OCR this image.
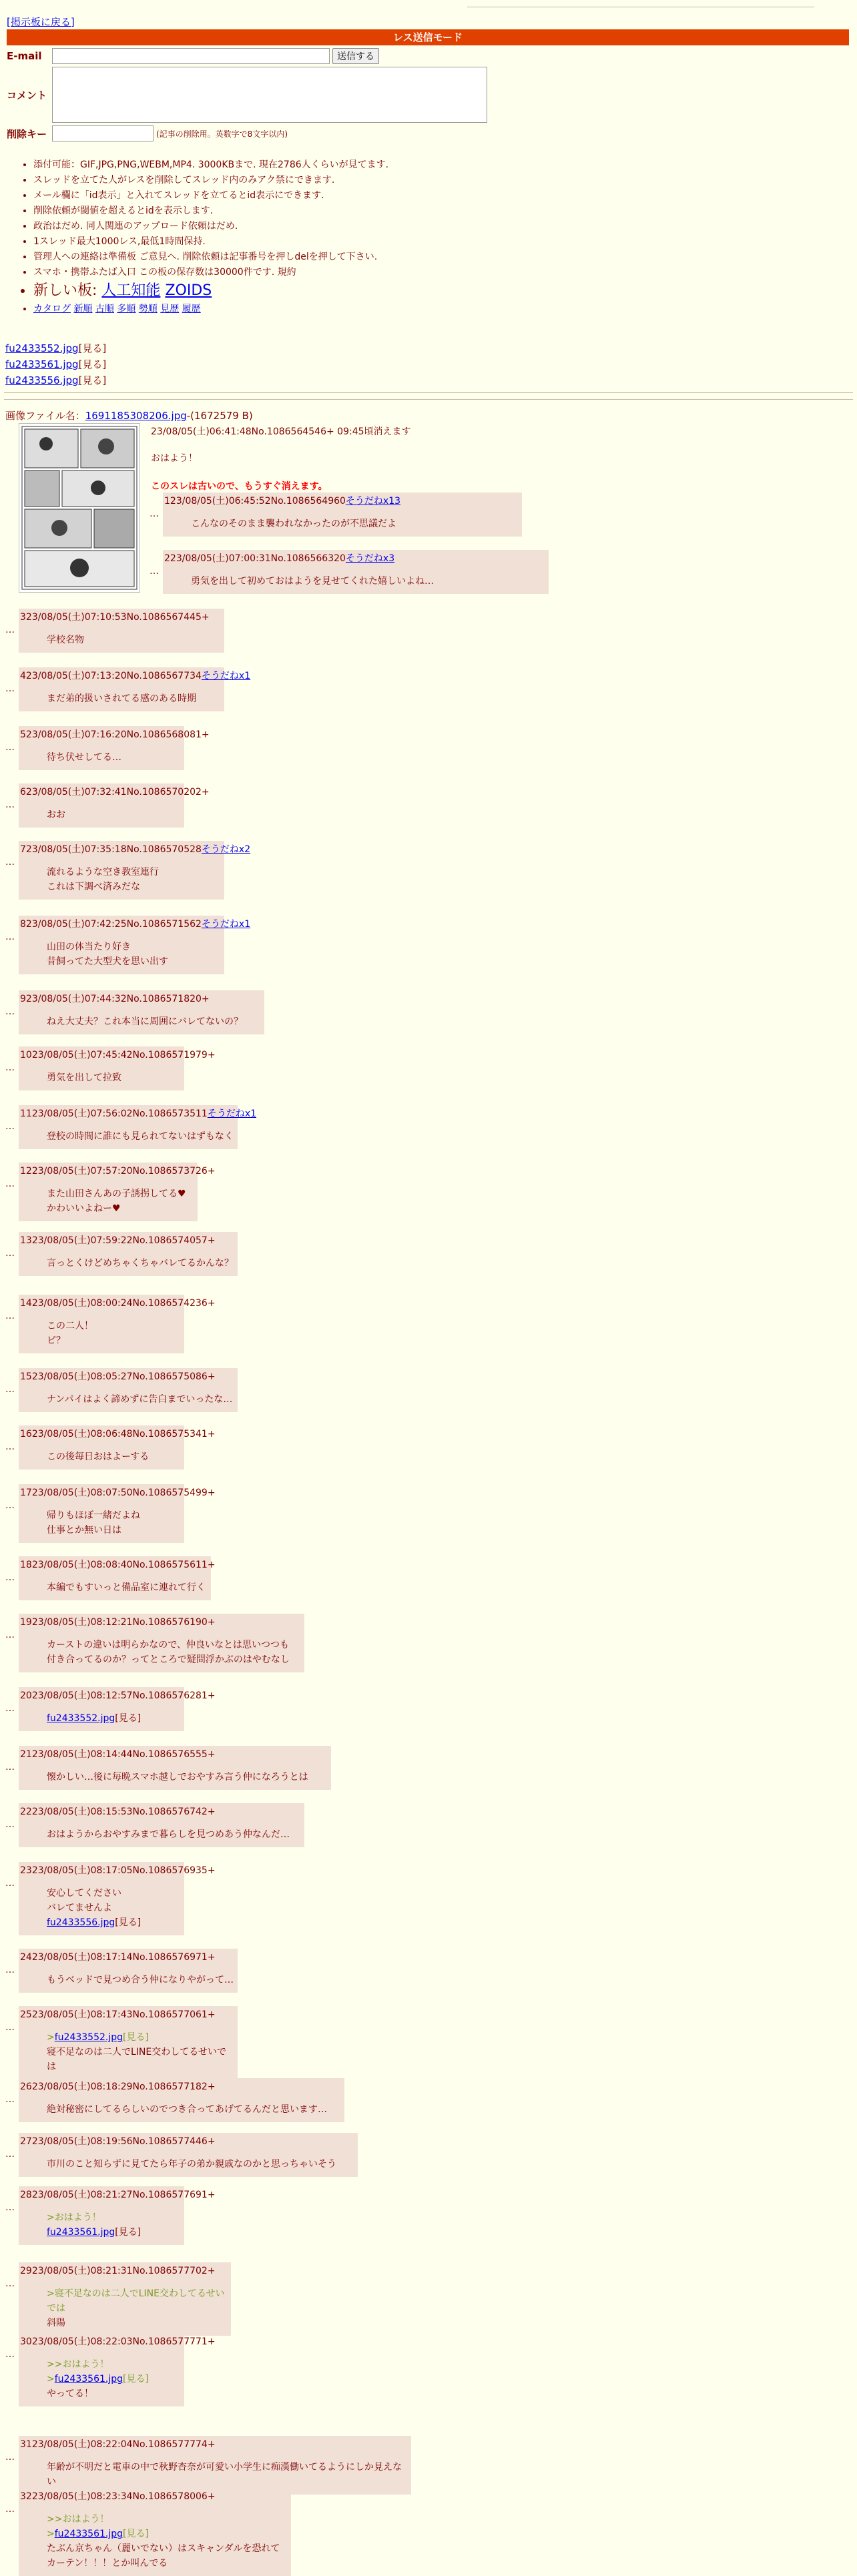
[掲示板に戻る]
レス送信モード
E-mail	送信する
コメント
削除キー	(記事の削除用。英数字で8文字以内)
• 添付可能：GIF,JPG,PNG,WEBM,MP4. 3000KBまで. 現在2786人くらいが見てます.
• スレッドを立てた人がレスを削除してスレッド内のみアク禁にできます.
• メール欄に「id表示」と入れてスレッドを立てるとid表示にできます.
• 削除依頼が閾値を超えるとidを表示します.
• 政治はだめ. 同人関連のアップロード依頼はだめ.
• 1スレッド最大1000レス,最低1時間保持.
• 管理人への連絡は準備板 ご意見へ. 削除依頼は記事番号を押しdelを押して下さい.
• スマホ・携帯ふたば入口 この板の保存数は30000件です. 規約
• 新しい板: 人工知能 ZOIDS
• カタログ 新順 古順 多順 勢順 見歴 履歴
fu2433552.jpg[見る]
fu2433561.jpg[見る]
fu2433556.jpg[見る]
画像ファイル名：1691185308206.jpg-(1672579 B)
23/08/05(土)06:41:48No.1086564546+ 09:45頃消えます
おはよう！
このスレは古いので、もうすぐ消えます。
…
123/08/05(土)06:45:52No.1086564960そうだねx13
こんなのそのまま襲われなかったのが不思議だよ
…
223/08/05(土)07:00:31No.1086566320そうだねx3
勇気を出して初めておはようを見せてくれた嬉しいよね…
…
323/08/05(土)07:10:53No.1086567445+
学校名物
…
423/08/05(土)07:13:20No.1086567734そうだねx1
まだ弟的扱いされてる感のある時期
…
523/08/05(土)07:16:20No.1086568081+
待ち伏せしてる…
…
623/08/05(土)07:32:41No.1086570202+
おお
…
723/08/05(土)07:35:18No.1086570528そうだねx2
流れるような空き教室連行
これは下調べ済みだな
…
823/08/05(土)07:42:25No.1086571562そうだねx1
山田の体当たり好き
昔飼ってた大型犬を思い出す
…
923/08/05(土)07:44:32No.1086571820+
ねえ大丈夫？これ本当に周囲にバレてないの？
…
1023/08/05(土)07:45:42No.1086571979+
勇気を出して拉致
…
1123/08/05(土)07:56:02No.1086573511そうだねx1
登校の時間に誰にも見られてないはずもなく
…
1223/08/05(土)07:57:20No.1086573726+
また山田さんあの子誘拐してる♥
かわいいよねー♥
…
1323/08/05(土)07:59:22No.1086574057+
言っとくけどめちゃくちゃバレてるかんな？
…
1423/08/05(土)08:00:24No.1086574236+
この二人！
ピ？
…
1523/08/05(土)08:05:27No.1086575086+
ナンパイはよく諦めずに告白までいったな…
…
1623/08/05(土)08:06:48No.1086575341+
この後毎日おはよーする
…
1723/08/05(土)08:07:50No.1086575499+
帰りもほぼ一緒だよね
仕事とか無い日は
…
1823/08/05(土)08:08:40No.1086575611+
本編でもすいっと備品室に連れて行く
…
1923/08/05(土)08:12:21No.1086576190+
カーストの違いは明らかなので、仲良いなとは思いつつも
付き合ってるのか？ってところで疑問浮かぶのはやむなし
…
2023/08/05(土)08:12:57No.1086576281+
fu2433552.jpg[見る]
…
2123/08/05(土)08:14:44No.1086576555+
懐かしい…後に毎晩スマホ越しでおやすみ言う仲になろうとは
…
2223/08/05(土)08:15:53No.1086576742+
おはようからおやすみまで暮らしを見つめあう仲なんだ…
…
2323/08/05(土)08:17:05No.1086576935+
安心してください
バレてませんよ
fu2433556.jpg[見る]
…
2423/08/05(土)08:17:14No.1086576971+
もうベッドで見つめ合う仲になりやがって…
…
2523/08/05(土)08:17:43No.1086577061+
>fu2433552.jpg[見る]
寝不足なのは二人でLINE交わしてるせいでは
…
2623/08/05(土)08:18:29No.1086577182+
絶対秘密にしてるらしいのでつき合ってあげてるんだと思います…
…
2723/08/05(土)08:19:56No.1086577446+
市川のこと知らずに見てたら年子の弟か親戚なのかと思っちゃいそう
…
2823/08/05(土)08:21:27No.1086577691+
>おはよう！
fu2433561.jpg[見る]
…
2923/08/05(土)08:21:31No.1086577702+
>寝不足なのは二人でLINE交わしてるせいでは
斜陽
…
3023/08/05(土)08:22:03No.1086577771+
>>おはよう！
>fu2433561.jpg[見る]
やってる！
…
3123/08/05(土)08:22:04No.1086577774+
年齢が不明だと電車の中で秋野杏奈が可愛い小学生に痴漢働いてるようにしか見えない
…
3223/08/05(土)08:23:34No.1086578006+
>>おはよう！
>fu2433561.jpg[見る]
たぶん京ちゃん（麗いでない）はスキャンダルを恐れて
カーテン！！！とか叫んでる
